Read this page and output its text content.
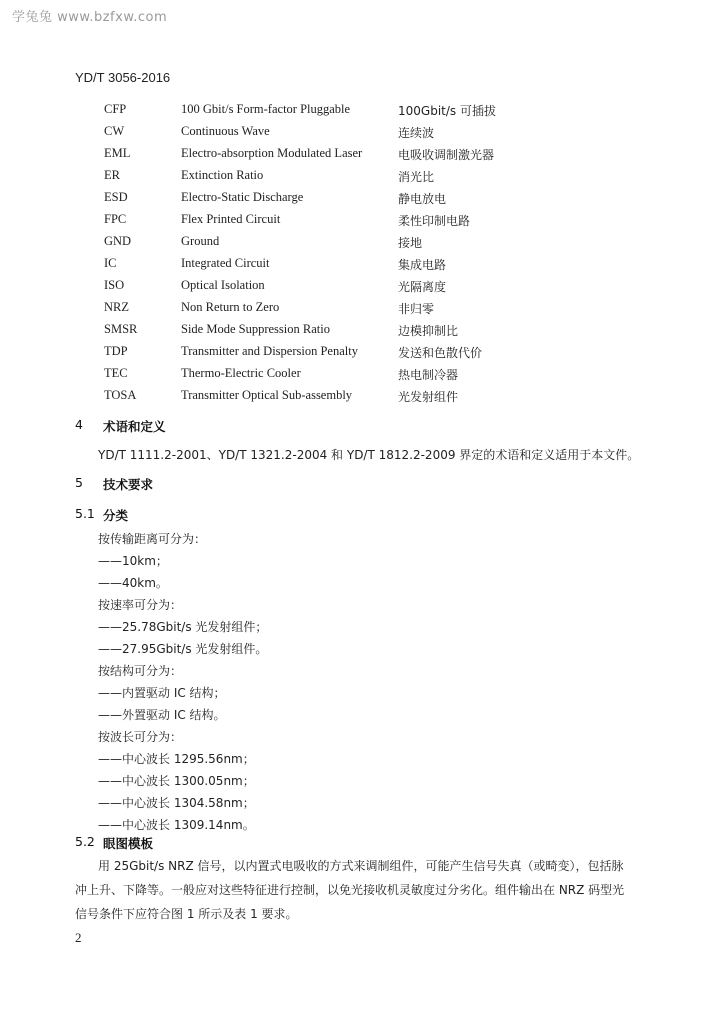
学兔兔 www.bzfxw.com
YD/T 3056-2016
CFP	100 Gbit/s Form-factor Pluggable	100Gbit/s 可插拔
CW	Continuous Wave	连续波
EML	Electro-absorption Modulated Laser	电吸收调制激光器
ER	Extinction Ratio	消光比
ESD	Electro-Static Discharge	静电放电
FPC	Flex Printed Circuit	柔性印制电路
GND	Ground	接地
IC	Integrated Circuit	集成电路
ISO	Optical Isolation	光隔离度
NRZ	Non Return to Zero	非归零
SMSR	Side Mode Suppression Ratio	边模抑制比
TDP	Transmitter and Dispersion Penalty	发送和色散代价
TEC	Thermo-Electric Cooler	热电制冷器
TOSA	Transmitter Optical Sub-assembly	光发射组件
4 术语和定义
YD/T 1111.2-2001、YD/T 1321.2-2004 和 YD/T 1812.2-2009 界定的术语和定义适用于本文件。
5 技术要求
5.1 分类
按传输距离可分为：
——10km；
——40km。
按速率可分为：
——25.78Gbit/s 光发射组件；
——27.95Gbit/s 光发射组件。
按结构可分为：
——内置驱动 IC 结构；
——外置驱动 IC 结构。
按波长可分为：
——中心波长 1295.56nm；
——中心波长 1300.05nm；
——中心波长 1304.58nm；
——中心波长 1309.14nm。
5.2 眼图模板
用 25Gbit/s NRZ 信号，以内置式电吸收的方式来调制组件，可能产生信号失真（或畸变），包括脉
冲上升、下降等。一般应对这些特征进行控制，以免光接收机灵敏度过分劣化。组件输出在 NRZ 码型光
信号条件下应符合图 1 所示及表 1 要求。
2
